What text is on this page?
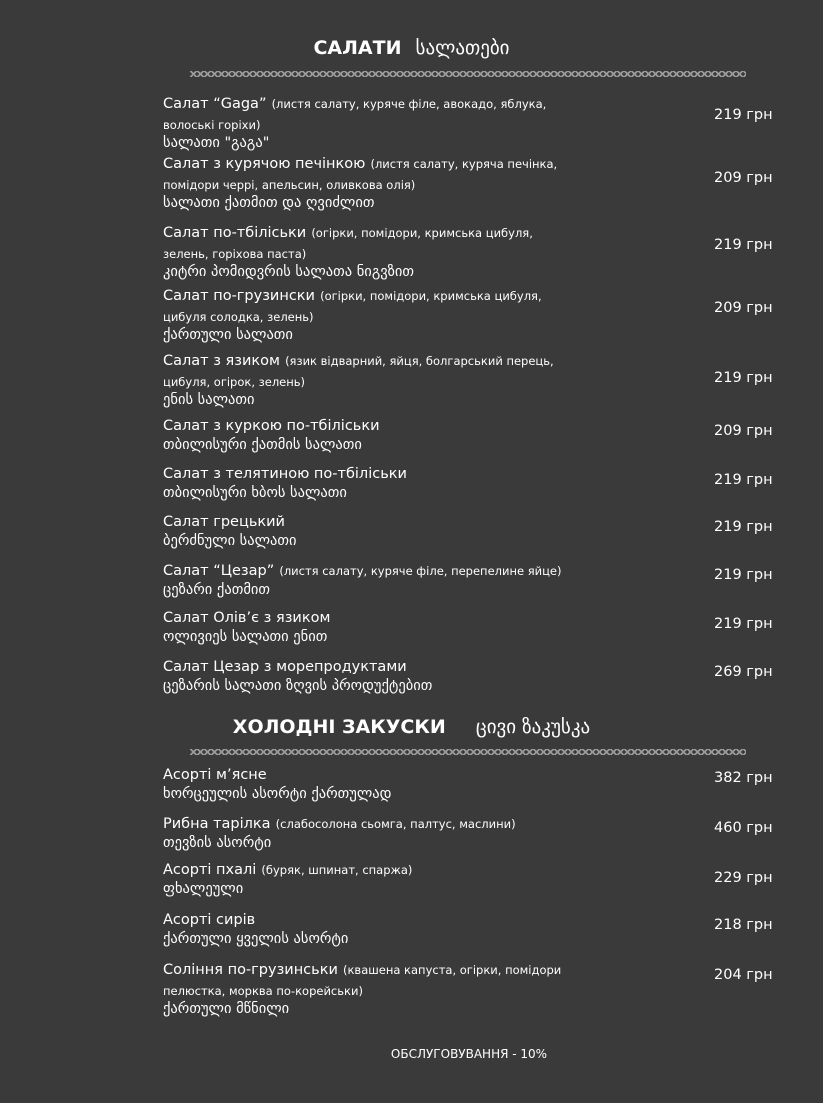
САЛАТИ სალათები
Салат “Gaga” (листя салату, куряче філе, авокадо, яблука, волоські горіхи)
სალათი "გაგა"
219 грн
Салат з курячою печінкою (листя салату, куряча печінка, помідори черрі, апельсин, оливкова олія)
სალათი ქათმით და ღვიძლით
209 грн
Салат по-тбіліськи (огірки, помідори, кримська цибуля, зелень, горіхова паста)
კიტრი პომიდვრის სალათა ნიგვზით
219 грн
Салат по-грузински (огірки, помідори, кримська цибуля, цибуля солодка, зелень)
ქართული სალათი
209 грн
Салат з язиком (язик відварний, яйця, болгарський перець, цибуля, огірок, зелень)
ენის სალათი
219 грн
Салат з куркою по-тбіліськи
თბილისური ქათმის სალათი
209 грн
Салат з телятиною по-тбіліськи
თბილისური ხბოს სალათი
219 грн
Салат грецький
ბერძნული სალათი
219 грн
Салат “Цезар” (листя салату, куряче філе, перепелине яйце)
ცეზარი ქათმით
219 грн
Салат Олів’є з язиком
ოლივიეს სალათი ენით
219 грн
Салат Цезар з морепродуктами
ცეზარის სალათი ზღვის პროდუქტებით
269 грн
ХОЛОДНІ ЗАКУСКИ ცივი ზაკუსკა
Асорті м’ясне
ხორცეულის ასორტი ქართულად
382 грн
Рибна тарілка (слабосолона сьомга, палтус, маслини)
თევზის ასორტი
460 грн
Асорті пхалі (буряк, шпинат, спаржа)
ფხალეული
229 грн
Асорті сирів
ქართული ყველის ასორტი
218 грн
Соління по-грузинськи (квашена капуста, огірки, помідори пелюстка, морква по-корейськи)
ქართული მწნილი
204 грн
ОБСЛУГОВУВАННЯ - 10%
